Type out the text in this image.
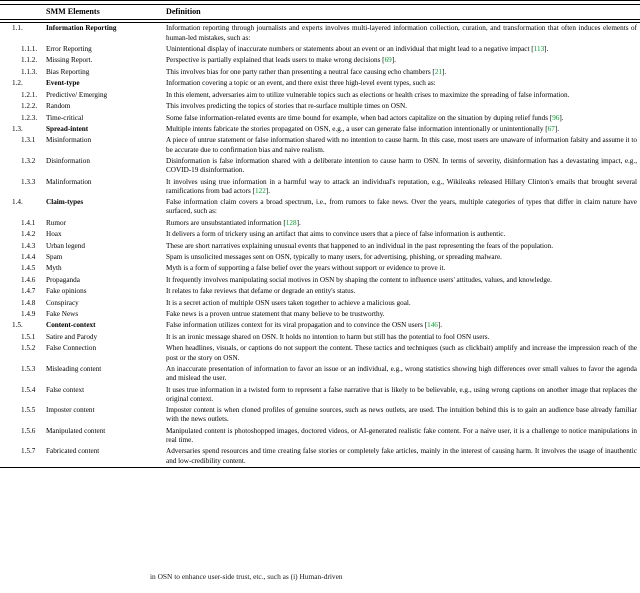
SMM Elements		Definition

1.1.	Information Reporting	Information reporting through journalists and experts involves multi-layered information collection, curation, and transformation that often induces elements of human-led mistakes, such as:

1.1.1.	Error Reporting	Unintentional display of inaccurate numbers or statements about an event or an individual that might lead to a negative impact [113].

1.1.2.	Missing Report.	Perspective is partially explained that leads users to make wrong decisions [69].

1.1.3.	Bias Reporting	This involves bias for one party rather than presenting a neutral face causing echo chambers [21].
1.2.	Event-type	Information covering a topic or an event, and there exist three high-level event types, such as:

1.2.1.	Predictive/ Emerging	In this element, adversaries aim to utilize vulnerable topics such as elections or health crises to maximize the spreading of false information.

1.2.2.	Random	This involves predicting the topics of stories that re-surface multiple times on OSN.

1.2.3.	Time-critical	Some false information-related events are time bound for example, when bad actors capitalize on the situation by duping relief funds [96].
1.3.	Spread-intent	Multiple intents fabricate the stories propagated on OSN, e.g., a user can generate false information intentionally or unintentionally [67].

1.3.1	Misinformation	A piece of untrue statement or false information shared with no intention to cause harm. In this case, most users are unaware of information falsity and assume it to be accurate due to confirmation bias and naive realism.

1.3.2	Disinformation	Disinformation is false information shared with a deliberate intention to cause harm to OSN. In terms of severity, disinformation has a devastating impact, e.g., COVID-19 disinformation.

1.3.3	Malinformation	It involves using true information in a harmful way to attack an individual's reputation, e.g., Wikileaks released Hillary Clinton's emails that brought several ramifications from bad actors [122].
1.4.	Claim-types	False information claim covers a broad spectrum, i.e., from rumors to fake news. Over the years, multiple categories of types that differ in claim nature have surfaced, such as:

1.4.1	Rumor	Rumors are unsubstantiated information [128].

1.4.2	Hoax	It delivers a form of trickery using an artifact that aims to convince users that a piece of false information is authentic.

1.4.3	Urban legend	These are short narratives explaining unusual events that happened to an individual in the past representing the fears of the population.

1.4.4	Spam	Spam is unsolicited messages sent on OSN, typically to many users, for advertising, phishing, or spreading malware.

1.4.5	Myth	Myth is a form of supporting a false belief over the years without support or evidence to prove it.

1.4.6	Propaganda	It frequently involves manipulating social motives in OSN by shaping the content to influence users' attitudes, values, and knowledge.

1.4.7	Fake opinions	It relates to fake reviews that defame or degrade an entity's status.

1.4.8	Conspiracy	It is a secret action of multiple OSN users taken together to achieve a malicious goal.

1.4.9	Fake News	Fake news is a proven untrue statement that many believe to be trustworthy.
1.5.	Content-context	False information utilizes context for its viral propagation and to convince the OSN users [146].

1.5.1	Satire and Parody	It is an ironic message shared on OSN. It holds no intention to harm but still has the potential to fool OSN users.

1.5.2	False Connection	When headlines, visuals, or captions do not support the content. These tactics and techniques (such as clickbait) amplify and increase the impression reach of the post or the story on OSN.

1.5.3	Misleading content	An inaccurate presentation of information to favor an issue or an individual, e.g., wrong statistics showing high differences over small values to favor the agenda and mislead the user.

1.5.4	False context	It uses true information in a twisted form to represent a false narrative that is likely to be believable, e.g., using wrong captions on another image that replaces the original context.

1.5.5	Imposter content	Imposter content is when cloned profiles of genuine sources, such as news outlets, are used. The intuition behind this is to gain an audience base already familiar with the news outlets.

1.5.6	Manipulated content	Manipulated content is photoshopped images, doctored videos, or AI-generated realistic fake content. For a naive user, it is a challenge to notice manipulations in real time.

1.5.7	Fabricated content	Adversaries spend resources and time creating false stories or completely fake articles, mainly in the interest of causing harm. It involves the usage of inauthentic and low-credibility content.

in OSN to enhance user-side trust, etc., such as (i) Human-driven
